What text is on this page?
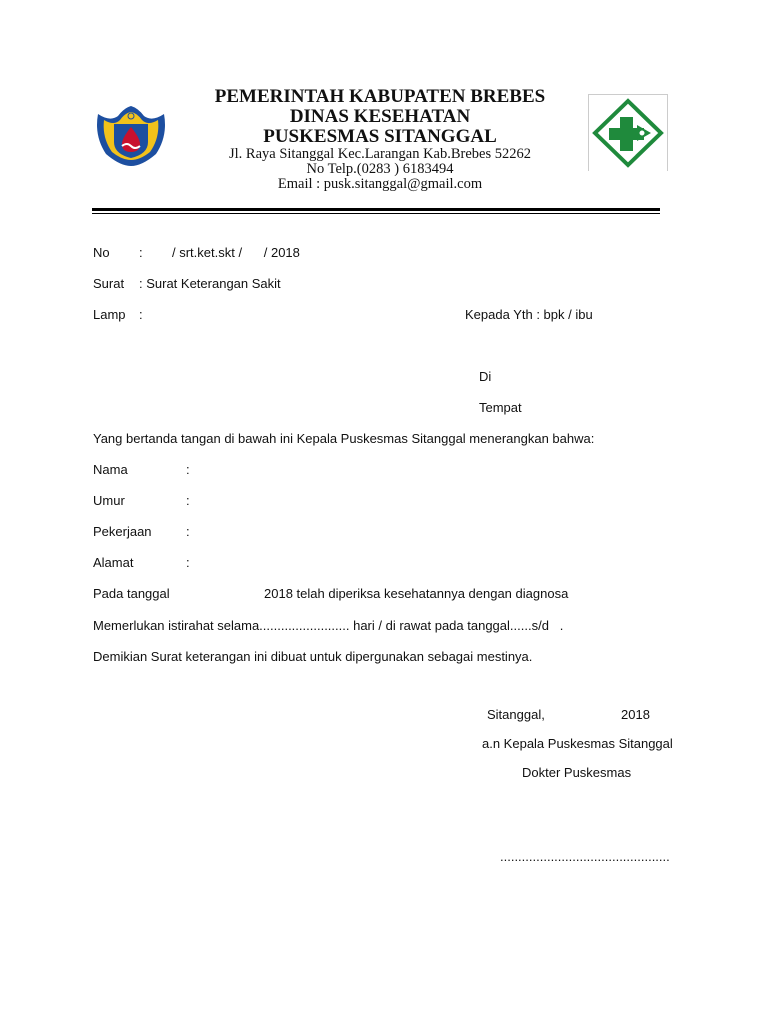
PEMERINTAH KABUPATEN BREBES
DINAS KESEHATAN
PUSKESMAS SITANGGAL
Jl. Raya Sitanggal Kec.Larangan Kab.Brebes 52262
No Telp.(0283 ) 6183494
Email : pusk.sitanggal@gmail.com
No : / srt.ket.skt /      / 2018
Surat : Surat Keterangan Sakit
Lamp :	Kepada Yth : bpk / ibu
Di
Tempat
Yang bertanda tangan di bawah ini Kepala Puskesmas Sitanggal menerangkan bahwa:
Nama	:
Umur	:
Pekerjaan	:
Alamat	:
Pada tanggal	2018 telah diperiksa kesehatannya dengan diagnosa
Memerlukan istirahat selama......................... hari / di rawat pada tanggal......s/d   .
Demikian Surat keterangan ini dibuat untuk dipergunakan sebagai mestinya.
Sitanggal,	2018
a.n Kepala Puskesmas Sitanggal
Dokter Puskesmas
...............................................
